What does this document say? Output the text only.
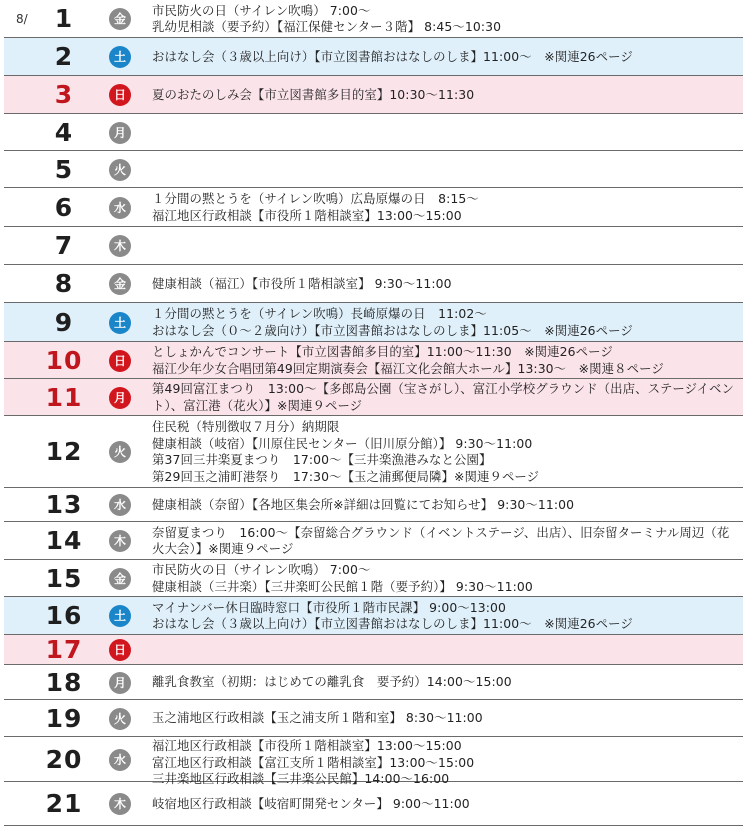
8/	1	金
市民防火の日（サイレン吹鳴） 7:00〜
乳幼児相談（要予約）【福江保健センター３階】 8:45〜10:30
2	土	おはなし会（３歳以上向け）【市立図書館おはなしのしま】11:00〜　※関連26ページ
3	日	夏のおたのしみ会【市立図書館多目的室】10:30〜11:30
4	月
5	火
6	水
１分間の黙とうを（サイレン吹鳴）広島原爆の日　8:15〜
福江地区行政相談【市役所１階相談室】13:00〜15:00
7	木
8	金	健康相談（福江）【市役所１階相談室】 9:30〜11:00
9	土
１分間の黙とうを（サイレン吹鳴）長崎原爆の日　11:02〜
おはなし会（０〜２歳向け）【市立図書館おはなしのしま】11:05〜　※関連26ページ
10	日
としょかんでコンサート【市立図書館多目的室】11:00〜11:30　※関連26ページ
福江少年少女合唱団第49回定期演奏会【福江文化会館大ホール】13:30〜　※関連８ページ
11	月
第49回富江まつり　13:00〜【多郎島公園（宝さがし）、富江小学校グラウンド（出店、ステージイベント）、富江港（花火）】※関連９ページ
12	火
住民税（特別徴収７月分）納期限
健康相談（岐宿）【川原住民センター（旧川原分館）】 9:30〜11:00
第37回三井楽夏まつり　17:00〜【三井楽漁港みなと公園】
第29回玉之浦町港祭り　17:30〜【玉之浦郵便局隣】※関連９ページ
13	水	健康相談（奈留）【各地区集会所※詳細は回覧にてお知らせ】 9:30〜11:00
14	木
奈留夏まつり　16:00〜【奈留総合グラウンド（イベントステージ、出店）、旧奈留ターミナル周辺（花火大会）】※関連９ページ
15	金
市民防火の日（サイレン吹鳴） 7:00〜
健康相談（三井楽）【三井楽町公民館１階（要予約）】 9:30〜11:00
16	土
マイナンバー休日臨時窓口【市役所１階市民課】 9:00〜13:00
おはなし会（３歳以上向け）【市立図書館おはなしのしま】11:00〜　※関連26ページ
17	日
18	月	離乳食教室（初期：はじめての離乳食　要予約）14:00〜15:00
19	火	玉之浦地区行政相談【玉之浦支所１階和室】 8:30〜11:00
20	水
福江地区行政相談【市役所１階相談室】13:00〜15:00
富江地区行政相談【富江支所１階相談室】13:00〜15:00
三井楽地区行政相談【三井楽公民館】14:00〜16:00
21	木	岐宿地区行政相談【岐宿町開発センター】 9:00〜11:00
